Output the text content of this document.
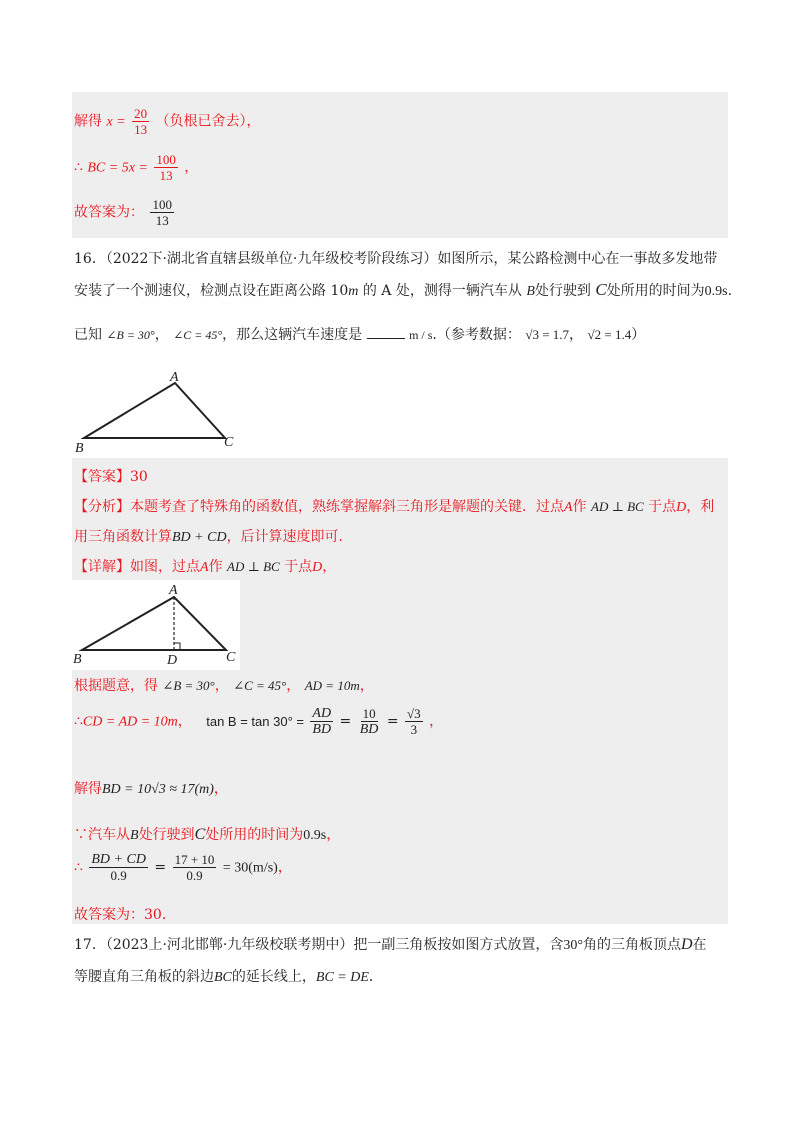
解得 $x = \frac{20}{13}$ （负根已舍去），
∴ BC = $5x = \frac{100}{13}$ ，
故答案为： $\frac{100}{13}$
16．（2022下·湖北省直辖县级单位·九年级校考阶段练习）如图所示，某公路检测中心在一事故多发地带
安装了一个测速仪，检测点设在距离公路 10m 的 A 处，测得一辆汽车从 B处行驶到 C处所用的时间为0.9s.
已知 ∠B = 30°， ∠C = 45°，那么这辆汽车速度是	m / s.（参考数据： √3 = 1.7， √2 = 1.4）
A
B	C
【答案】30
【分析】本题考查了特殊角的函数值，熟练掌握解斜三角形是解题的关键．过点A作 AD ⊥ BC 于点D，利
用三角函数计算BD + CD，后计算速度即可．
【详解】如图，过点A作 AD ⊥ BC 于点D，
A
B	C
D
根据题意，得 ∠B = 30°， ∠C = 45°， AD = 10m，
∴CD = AD = 10m， $\tan B = \tan 30^\circ = \frac{AD}{BD} = \frac{10}{BD} = \frac{√3}{3}$ ，
解得BD = 10√3 ≈ 17(m)，
∵汽车从B处行驶到C处所用的时间为0.9s，
∴ $\frac{BD + CD}{0.9} = \frac{17 + 10}{0.9} = 30(m/s)$，
故答案为：30．
17．（2023上·河北邯郸·九年级校联考期中）把一副三角板按如图方式放置，含30°角的三角板顶点D在
等腰直角三角板的斜边BC的延长线上，BC = DE．
